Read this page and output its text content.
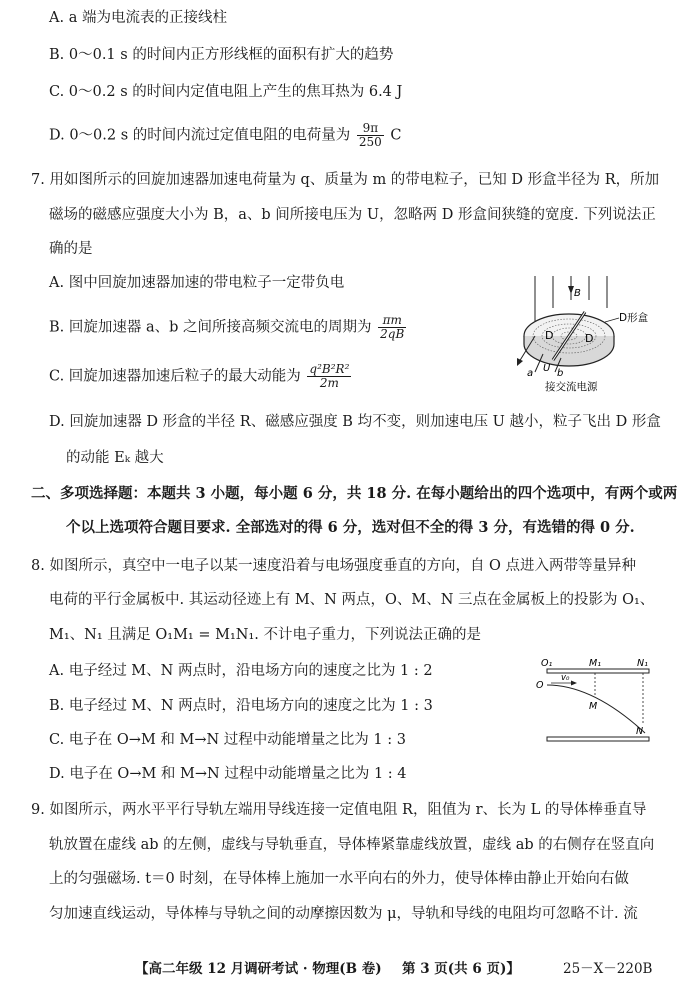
A. a 端为电流表的正接线柱
B. 0～0.1 s 的时间内正方形线框的面积有扩大的趋势
C. 0～0.2 s 的时间内定值电阻上产生的焦耳热为 6.4 J
D. 0～0.2 s 的时间内流过定值电阻的电荷量为 $\frac{9\pi}{250}$ C
7. 用如图所示的回旋加速器加速电荷量为 q、质量为 m 的带电粒子，已知 D 形盒半径为 R，所加
磁场的磁感应强度大小为 B，a、b 间所接电压为 U，忽略两 D 形盒间狭缝的宽度. 下列说法正
确的是
A. 图中回旋加速器加速的带电粒子一定带负电
B. 回旋加速器 a、b 之间所接高频交流电的周期为 $\frac{\pi m}{2qB}$
C. 回旋加速器加速后粒子的最大动能为 $\frac{\text{q²B²R²}}{2m}$
D. 回旋加速器 D 形盒的半径 R、磁感应强度 B 均不变，则加速电压 U 越小，粒子飞出 D 形盒
的动能 Eₖ 越大
B
D	D
D形盒
a U b
接交流电源
二、多项选择题：本题共 3 小题，每小题 6 分，共 18 分. 在每小题给出的四个选项中，有两个或两
个以上选项符合题目要求. 全部选对的得 6 分，选对但不全的得 3 分，有选错的得 0 分.
8. 如图所示，真空中一电子以某一速度沿着与电场强度垂直的方向，自 O 点进入两带等量异种
电荷的平行金属板中. 其运动径迹上有 M、N 两点，O、M、N 三点在金属板上的投影为 O₁、
M₁、N₁ 且满足 O₁M₁ = M₁N₁. 不计电子重力，下列说法正确的是
A. 电子经过 M、N 两点时，沿电场方向的速度之比为 1 : 2
B. 电子经过 M、N 两点时，沿电场方向的速度之比为 1 : 3
C. 电子在 O→M 和 M→N 过程中动能增量之比为 1 : 3
D. 电子在 O→M 和 M→N 过程中动能增量之比为 1 : 4
O₁	M₁	N₁
O
v₀
M
N
9. 如图所示，两水平平行导轨左端用导线连接一定值电阻 R，阻值为 r、长为 L 的导体棒垂直导
轨放置在虚线 ab 的左侧，虚线与导轨垂直，导体棒紧靠虚线放置，虚线 ab 的右侧存在竖直向
上的匀强磁场. t＝0 时刻，在导体棒上施加一水平向右的外力，使导体棒由静止开始向右做
匀加速直线运动，导体棒与导轨之间的动摩擦因数为 μ，导轨和导线的电阻均可忽略不计. 流
【高二年级 12 月调研考试 · 物理(B 卷) 第 3 页(共 6 页)】	25－X－220B
